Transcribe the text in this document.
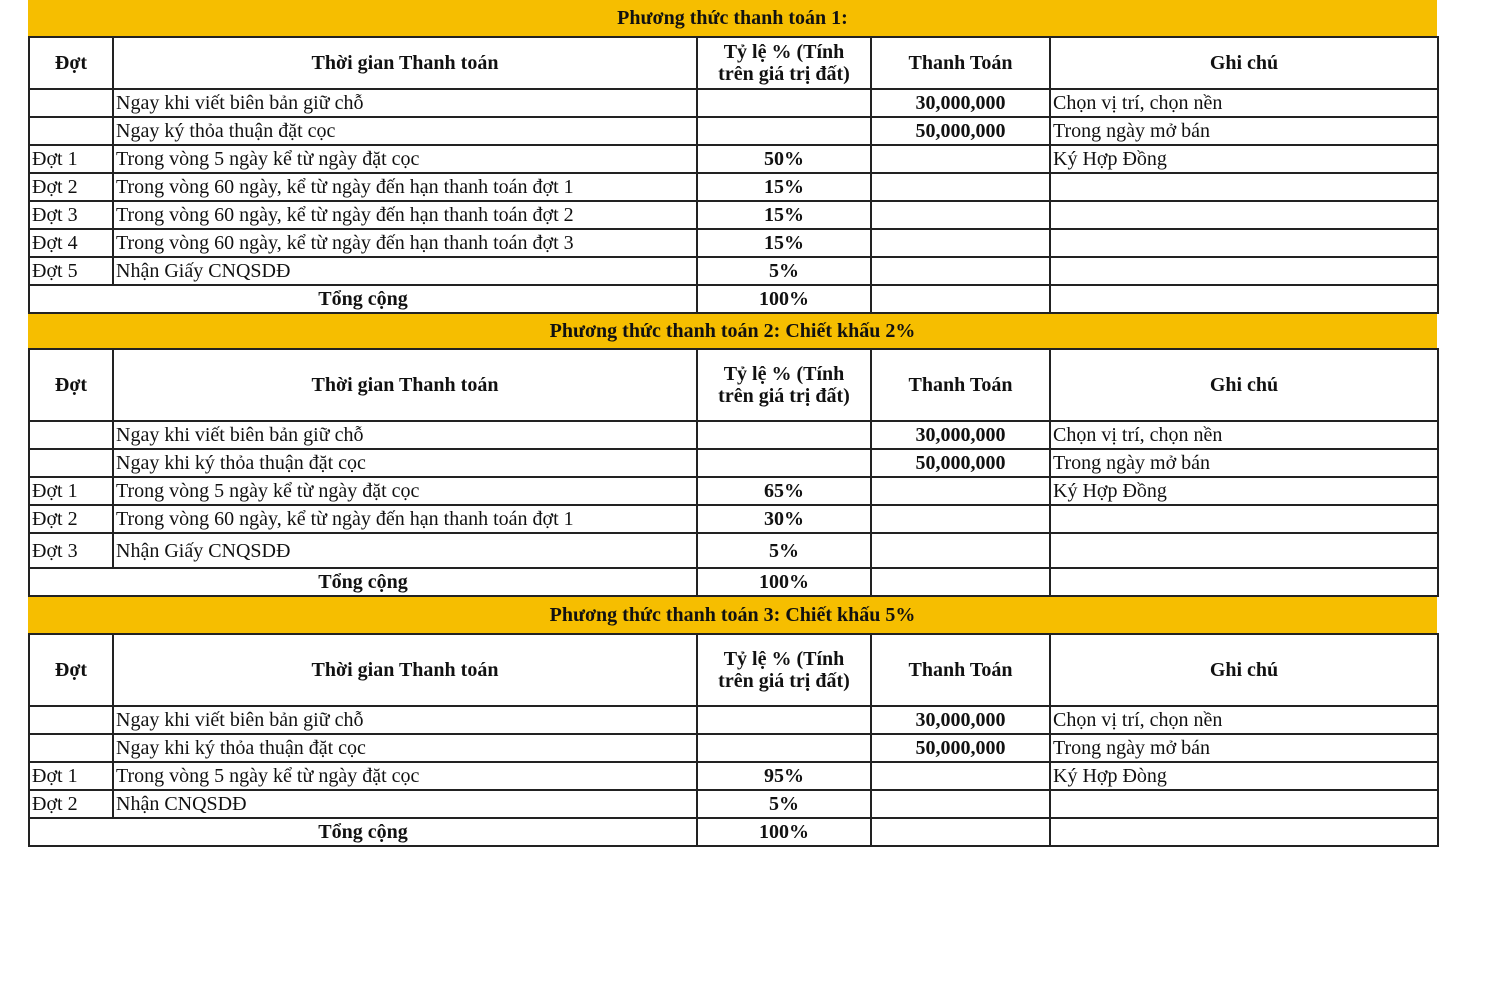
Phương thức thanh toán 1:
Đợt	Thời gian Thanh toán	Tỷ lệ % (Tính
trên giá trị đất)	Thanh Toán	Ghi chú
	Ngay khi viết biên bản giữ chỗ		30,000,000	Chọn vị trí, chọn nền
	Ngay ký thỏa thuận đặt cọc		50,000,000	Trong ngày mở bán
Đợt 1	Trong vòng 5 ngày kể từ ngày đặt cọc	50%		Ký Hợp Đồng
Đợt 2	Trong vòng 60 ngày, kể từ ngày đến hạn thanh toán đợt 1	15%		
Đợt 3	Trong vòng 60 ngày, kể từ ngày đến hạn thanh toán đợt 2	15%		
Đợt 4	Trong vòng 60 ngày, kể từ ngày đến hạn thanh toán đợt 3	15%		
Đợt 5	Nhận Giấy CNQSDĐ	5%		
Tổng cộng		100%		
Phương thức thanh toán 2: Chiết khấu 2%
Đợt	Thời gian Thanh toán	Tỷ lệ % (Tính
trên giá trị đất)	Thanh Toán	Ghi chú
	Ngay khi viết biên bản giữ chỗ		30,000,000	Chọn vị trí, chọn nền
	Ngay khi ký thỏa thuận đặt cọc		50,000,000	Trong ngày mở bán
Đợt 1	Trong vòng 5 ngày kể từ ngày đặt cọc	65%		Ký Hợp Đồng
Đợt 2	Trong vòng 60 ngày, kể từ ngày đến hạn thanh toán đợt 1	30%		
Đợt 3	Nhận Giấy CNQSDĐ	5%		
Tổng cộng		100%		
Phương thức thanh toán 3: Chiết khấu 5%
Đợt	Thời gian Thanh toán	Tỷ lệ % (Tính
trên giá trị đất)	Thanh Toán	Ghi chú
	Ngay khi viết biên bản giữ chỗ		30,000,000	Chọn vị trí, chọn nền
	Ngay khi ký thỏa thuận đặt cọc		50,000,000	Trong ngày mở bán
Đợt 1	Trong vòng 5 ngày kể từ ngày đặt cọc	95%		Ký Hợp Đòng
Đợt 2	Nhận CNQSDĐ	5%		
Tổng cộng		100%		
